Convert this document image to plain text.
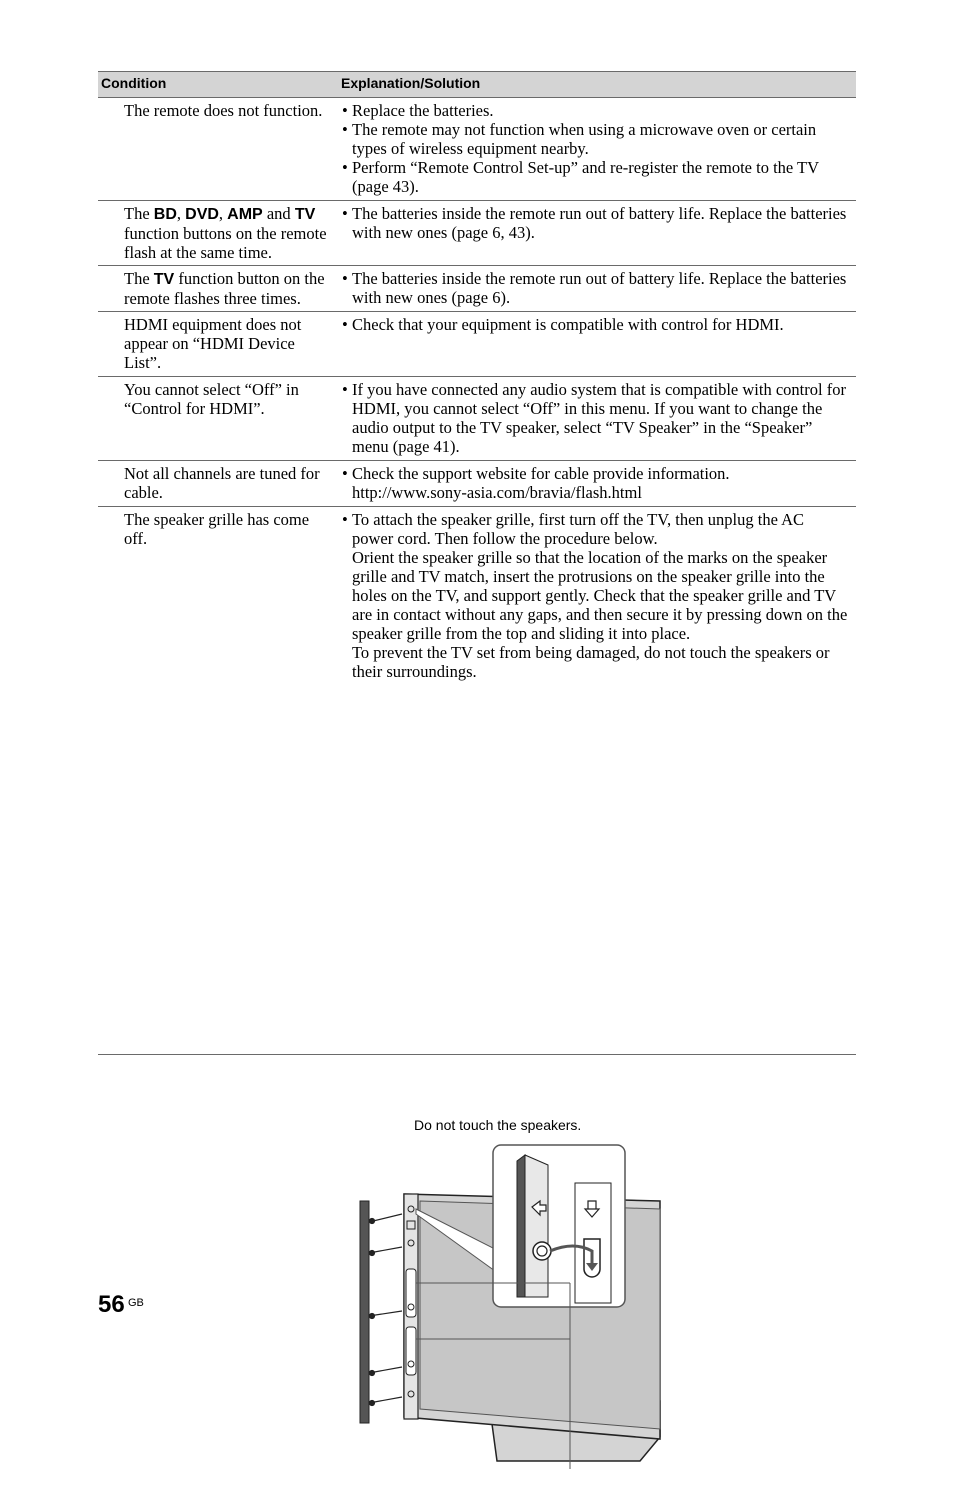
Condition	Explanation/Solution
The remote does not function.	• Replace the batteries.
• The remote may not function when using a microwave oven or certain types of wireless equipment nearby.
• Perform “Remote Control Set-up” and re-register the remote to the TV (page 43).
The BD, DVD, AMP and TV function buttons on the remote flash at the same time.
• The batteries inside the remote run out of battery life. Replace the batteries with new ones (page 6, 43).
The TV function button on the remote flashes three times.
• The batteries inside the remote run out of battery life. Replace the batteries with new ones (page 6).
HDMI equipment does not appear on “HDMI Device List”.
• Check that your equipment is compatible with control for HDMI.
You cannot select “Off” in “Control for HDMI”.
• If you have connected any audio system that is compatible with control for HDMI, you cannot select “Off” in this menu. If you want to change the audio output to the TV speaker, select “TV Speaker” in the “Speaker” menu (page 41).
Not all channels are tuned for cable.
• Check the support website for cable provide information.
http://www.sony-asia.com/bravia/flash.html
The speaker grille has come off.
• To attach the speaker grille, first turn off the TV, then unplug the AC power cord. Then follow the procedure below.
Orient the speaker grille so that the location of the marks on the speaker grille and TV match, insert the protrusions on the speaker grille into the holes on the TV, and support gently. Check that the speaker grille and TV are in contact without any gaps, and then secure it by pressing down on the speaker grille from the top and sliding it into place.
To prevent the TV set from being damaged, do not touch the speakers or their surroundings.
Do not touch the speakers.
56 GB
